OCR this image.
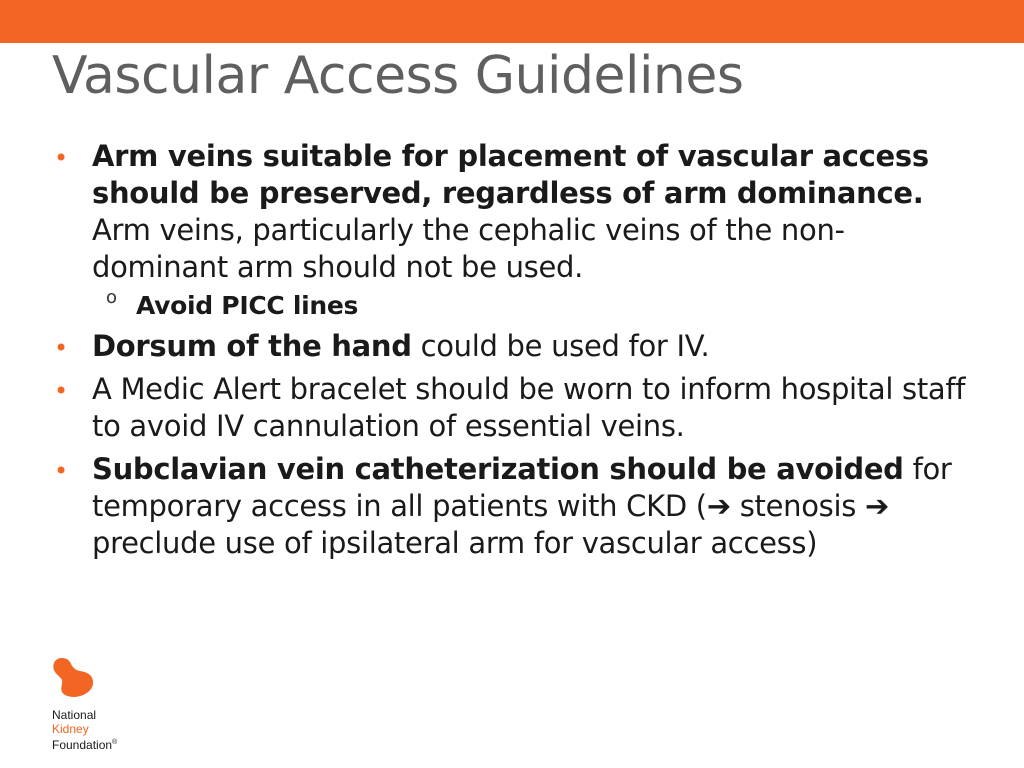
Vascular Access Guidelines
• Arm veins suitable for placement of vascular access should be preserved, regardless of arm dominance. Arm veins, particularly the cephalic veins of the non-dominant arm should not be used.
o Avoid PICC lines
• Dorsum of the hand could be used for IV.
• A Medic Alert bracelet should be worn to inform hospital staff to avoid IV cannulation of essential veins.
• Subclavian vein catheterization should be avoided for temporary access in all patients with CKD (➔ stenosis ➔ preclude use of ipsilateral arm for vascular access)
National
Kidney
Foundation®
